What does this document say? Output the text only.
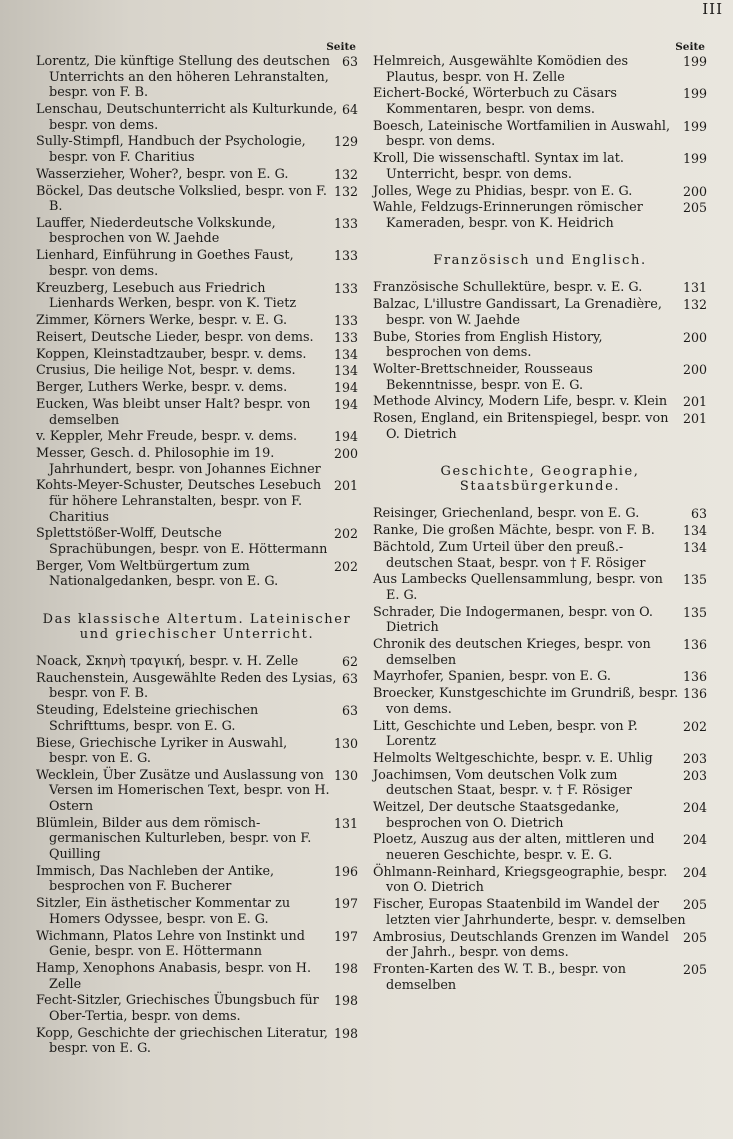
III
Seite
63
Lorentz, Die künftige Stellung des deutschen Unterrichts an den höheren Lehranstalten, bespr. von F. B.
64
Lenschau, Deutschunterricht als Kulturkunde, bespr. von dems.
129
Sully-Stimpfl, Handbuch der Psychologie, bespr. von F. Charitius
132
Wasserzieher, Woher?, bespr. von E. G.
132
Böckel, Das deutsche Volkslied, bespr. von F. B.
133
Lauffer, Niederdeutsche Volkskunde, besprochen von W. Jaehde
133
Lienhard, Einführung in Goethes Faust, bespr. von dems.
133
Kreuzberg, Lesebuch aus Friedrich Lienhards Werken, bespr. von K. Tietz
133
Zimmer, Körners Werke, bespr. v. E. G.
133
Reisert, Deutsche Lieder, bespr. von dems.
134
Koppen, Kleinstadtzauber, bespr. v. dems.
134
Crusius, Die heilige Not, bespr. v. dems.
194
Berger, Luthers Werke, bespr. v. dems.
194
Eucken, Was bleibt unser Halt? bespr. von demselben
194
v. Keppler, Mehr Freude, bespr. v. dems.
200
Messer, Gesch. d. Philosophie im 19. Jahrhundert, bespr. von Johannes Eichner
201
Kohts-Meyer-Schuster, Deutsches Lesebuch für höhere Lehranstalten, bespr. von F. Charitius
202
Splettstößer-Wolff, Deutsche Sprachübungen, bespr. von E. Höttermann
202
Berger, Vom Weltbürgertum zum Nationalgedanken, bespr. von E. G.
Das klassische Altertum. Lateinischer und griechischer Unterricht.
62
Noack, Σκηνὴ τραγική, bespr. v. H. Zelle
63
Rauchenstein, Ausgewählte Reden des Lysias, bespr. von F. B.
63
Steuding, Edelsteine griechischen Schrifttums, bespr. von E. G.
130
Biese, Griechische Lyriker in Auswahl, bespr. von E. G.
130
Wecklein, Über Zusätze und Auslassung von Versen im Homerischen Text, bespr. von H. Ostern
131
Blümlein, Bilder aus dem römisch-germanischen Kulturleben, bespr. von F. Quilling
196
Immisch, Das Nachleben der Antike, besprochen von F. Bucherer
197
Sitzler, Ein ästhetischer Kommentar zu Homers Odyssee, bespr. von E. G.
197
Wichmann, Platos Lehre von Instinkt und Genie, bespr. von E. Höttermann
198
Hamp, Xenophons Anabasis, bespr. von H. Zelle
198
Fecht-Sitzler, Griechisches Übungsbuch für Ober-Tertia, bespr. von dems.
198
Kopp, Geschichte der griechischen Literatur, bespr. von E. G.
Seite
199
Helmreich, Ausgewählte Komödien des Plautus, bespr. von H. Zelle
199
Eichert-Bocké, Wörterbuch zu Cäsars Kommentaren, bespr. von dems.
199
Boesch, Lateinische Wortfamilien in Auswahl, bespr. von dems.
199
Kroll, Die wissenschaftl. Syntax im lat. Unterricht, bespr. von dems.
200
Jolles, Wege zu Phidias, bespr. von E. G.
205
Wahle, Feldzugs-Erinnerungen römischer Kameraden, bespr. von K. Heidrich
Französisch und Englisch.
131
Französische Schullektüre, bespr. v. E. G.
132
Balzac, L'illustre Gandissart, La Grenadière, bespr. von W. Jaehde
200
Bube, Stories from English History, besprochen von dems.
200
Wolter-Brettschneider, Rousseaus Bekenntnisse, bespr. von E. G.
201
Methode Alvincy, Modern Life, bespr. v. Klein
201
Rosen, England, ein Britenspiegel, bespr. von O. Dietrich
Geschichte, Geographie, Staatsbürgerkunde.
63
Reisinger, Griechenland, bespr. von E. G.
134
Ranke, Die großen Mächte, bespr. von F. B.
134
Bächtold, Zum Urteil über den preuß.-deutschen Staat, bespr. von † F. Rösiger
135
Aus Lambecks Quellensammlung, bespr. von E. G.
135
Schrader, Die Indogermanen, bespr. von O. Dietrich
136
Chronik des deutschen Krieges, bespr. von demselben
136
Mayrhofer, Spanien, bespr. von E. G.
136
Broecker, Kunstgeschichte im Grundriß, bespr. von dems.
202
Litt, Geschichte und Leben, bespr. von P. Lorentz
203
Helmolts Weltgeschichte, bespr. v. E. Uhlig
203
Joachimsen, Vom deutschen Volk zum deutschen Staat, bespr. v. † F. Rösiger
204
Weitzel, Der deutsche Staatsgedanke, besprochen von O. Dietrich
204
Ploetz, Auszug aus der alten, mittleren und neueren Geschichte, bespr. v. E. G.
204
Öhlmann-Reinhard, Kriegsgeographie, bespr. von O. Dietrich
205
Fischer, Europas Staatenbild im Wandel der letzten vier Jahrhunderte, bespr. v. demselben
205
Ambrosius, Deutschlands Grenzen im Wandel der Jahrh., bespr. von dems.
205
Fronten-Karten des W. T. B., bespr. von demselben
